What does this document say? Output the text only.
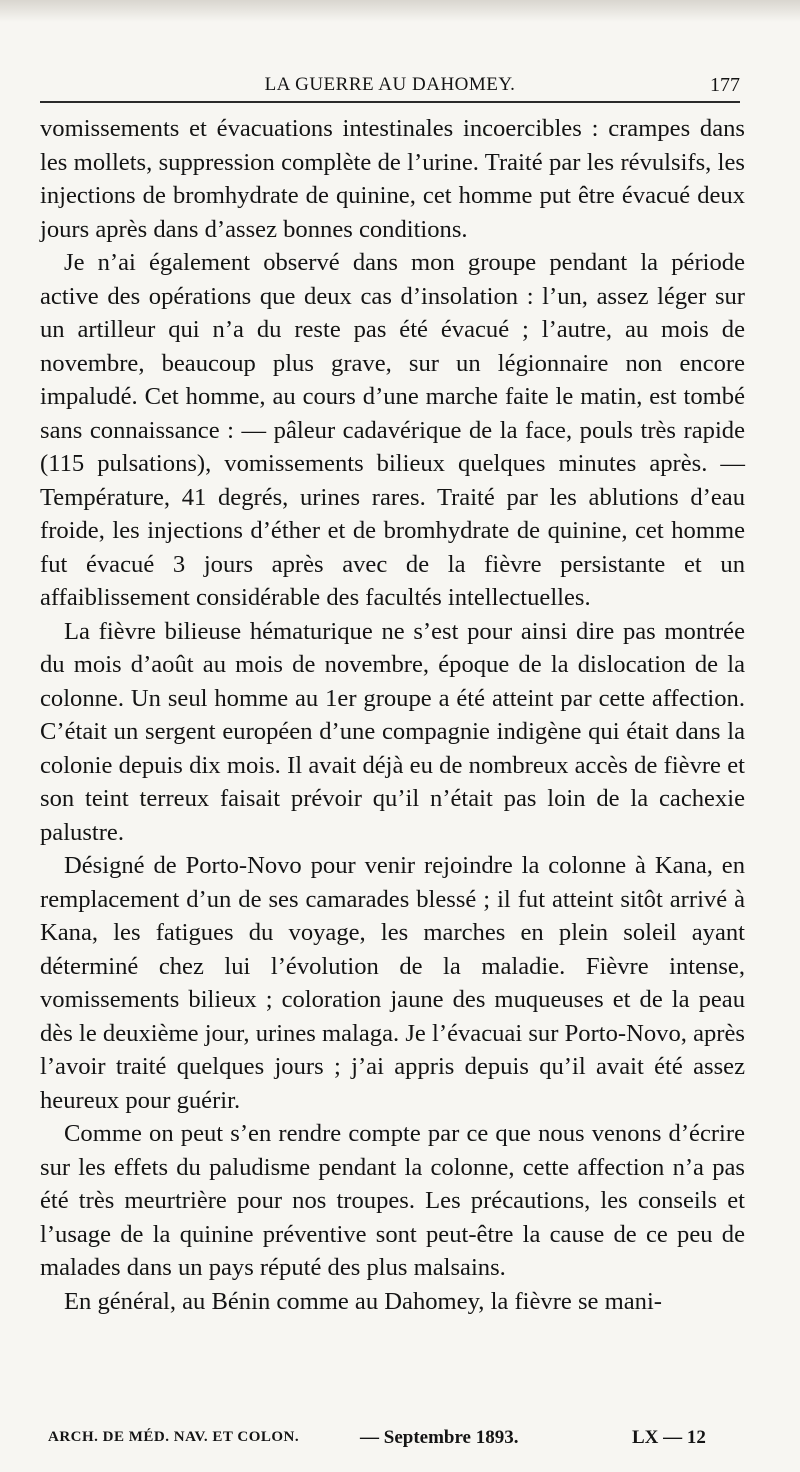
LA GUERRE AU DAHOMEY.	177

vomissements et évacuations intestinales incoercibles : crampes dans les mollets, suppression complète de l’urine. Traité par les révulsifs, les injections de bromhydrate de quinine, cet homme put être évacué deux jours après dans d’assez bonnes conditions.

Je n’ai également observé dans mon groupe pendant la période active des opérations que deux cas d’insolation : l’un, assez léger sur un artilleur qui n’a du reste pas été évacué ; l’autre, au mois de novembre, beaucoup plus grave, sur un légionnaire non encore impaludé. Cet homme, au cours d’une marche faite le matin, est tombé sans connaissance : — pâleur cadavérique de la face, pouls très rapide (115 pulsations), vomissements bilieux quelques minutes après. — Température, 41 degrés, urines rares. Traité par les ablutions d’eau froide, les injections d’éther et de bromhydrate de quinine, cet homme fut évacué 3 jours après avec de la fièvre persistante et un affaiblissement considérable des facultés intellectuelles.

La fièvre bilieuse hématurique ne s’est pour ainsi dire pas montrée du mois d’août au mois de novembre, époque de la dislocation de la colonne. Un seul homme au 1er groupe a été atteint par cette affection. C’était un sergent européen d’une compagnie indigène qui était dans la colonie depuis dix mois. Il avait déjà eu de nombreux accès de fièvre et son teint terreux faisait prévoir qu’il n’était pas loin de la cachexie palustre.

Désigné de Porto-Novo pour venir rejoindre la colonne à Kana, en remplacement d’un de ses camarades blessé ; il fut atteint sitôt arrivé à Kana, les fatigues du voyage, les marches en plein soleil ayant déterminé chez lui l’évolution de la maladie. Fièvre intense, vomissements bilieux ; coloration jaune des muqueuses et de la peau dès le deuxième jour, urines malaga. Je l’évacuai sur Porto-Novo, après l’avoir traité quelques jours ; j’ai appris depuis qu’il avait été assez heureux pour guérir.

Comme on peut s’en rendre compte par ce que nous venons d’écrire sur les effets du paludisme pendant la colonne, cette affection n’a pas été très meurtrière pour nos troupes. Les précautions, les conseils et l’usage de la quinine préventive sont peut-être la cause de ce peu de malades dans un pays réputé des plus malsains.

En général, au Bénin comme au Dahomey, la fièvre se mani-

ARCH. DE MÉD. NAV. ET COLON.	— Septembre 1893.	LX — 12
